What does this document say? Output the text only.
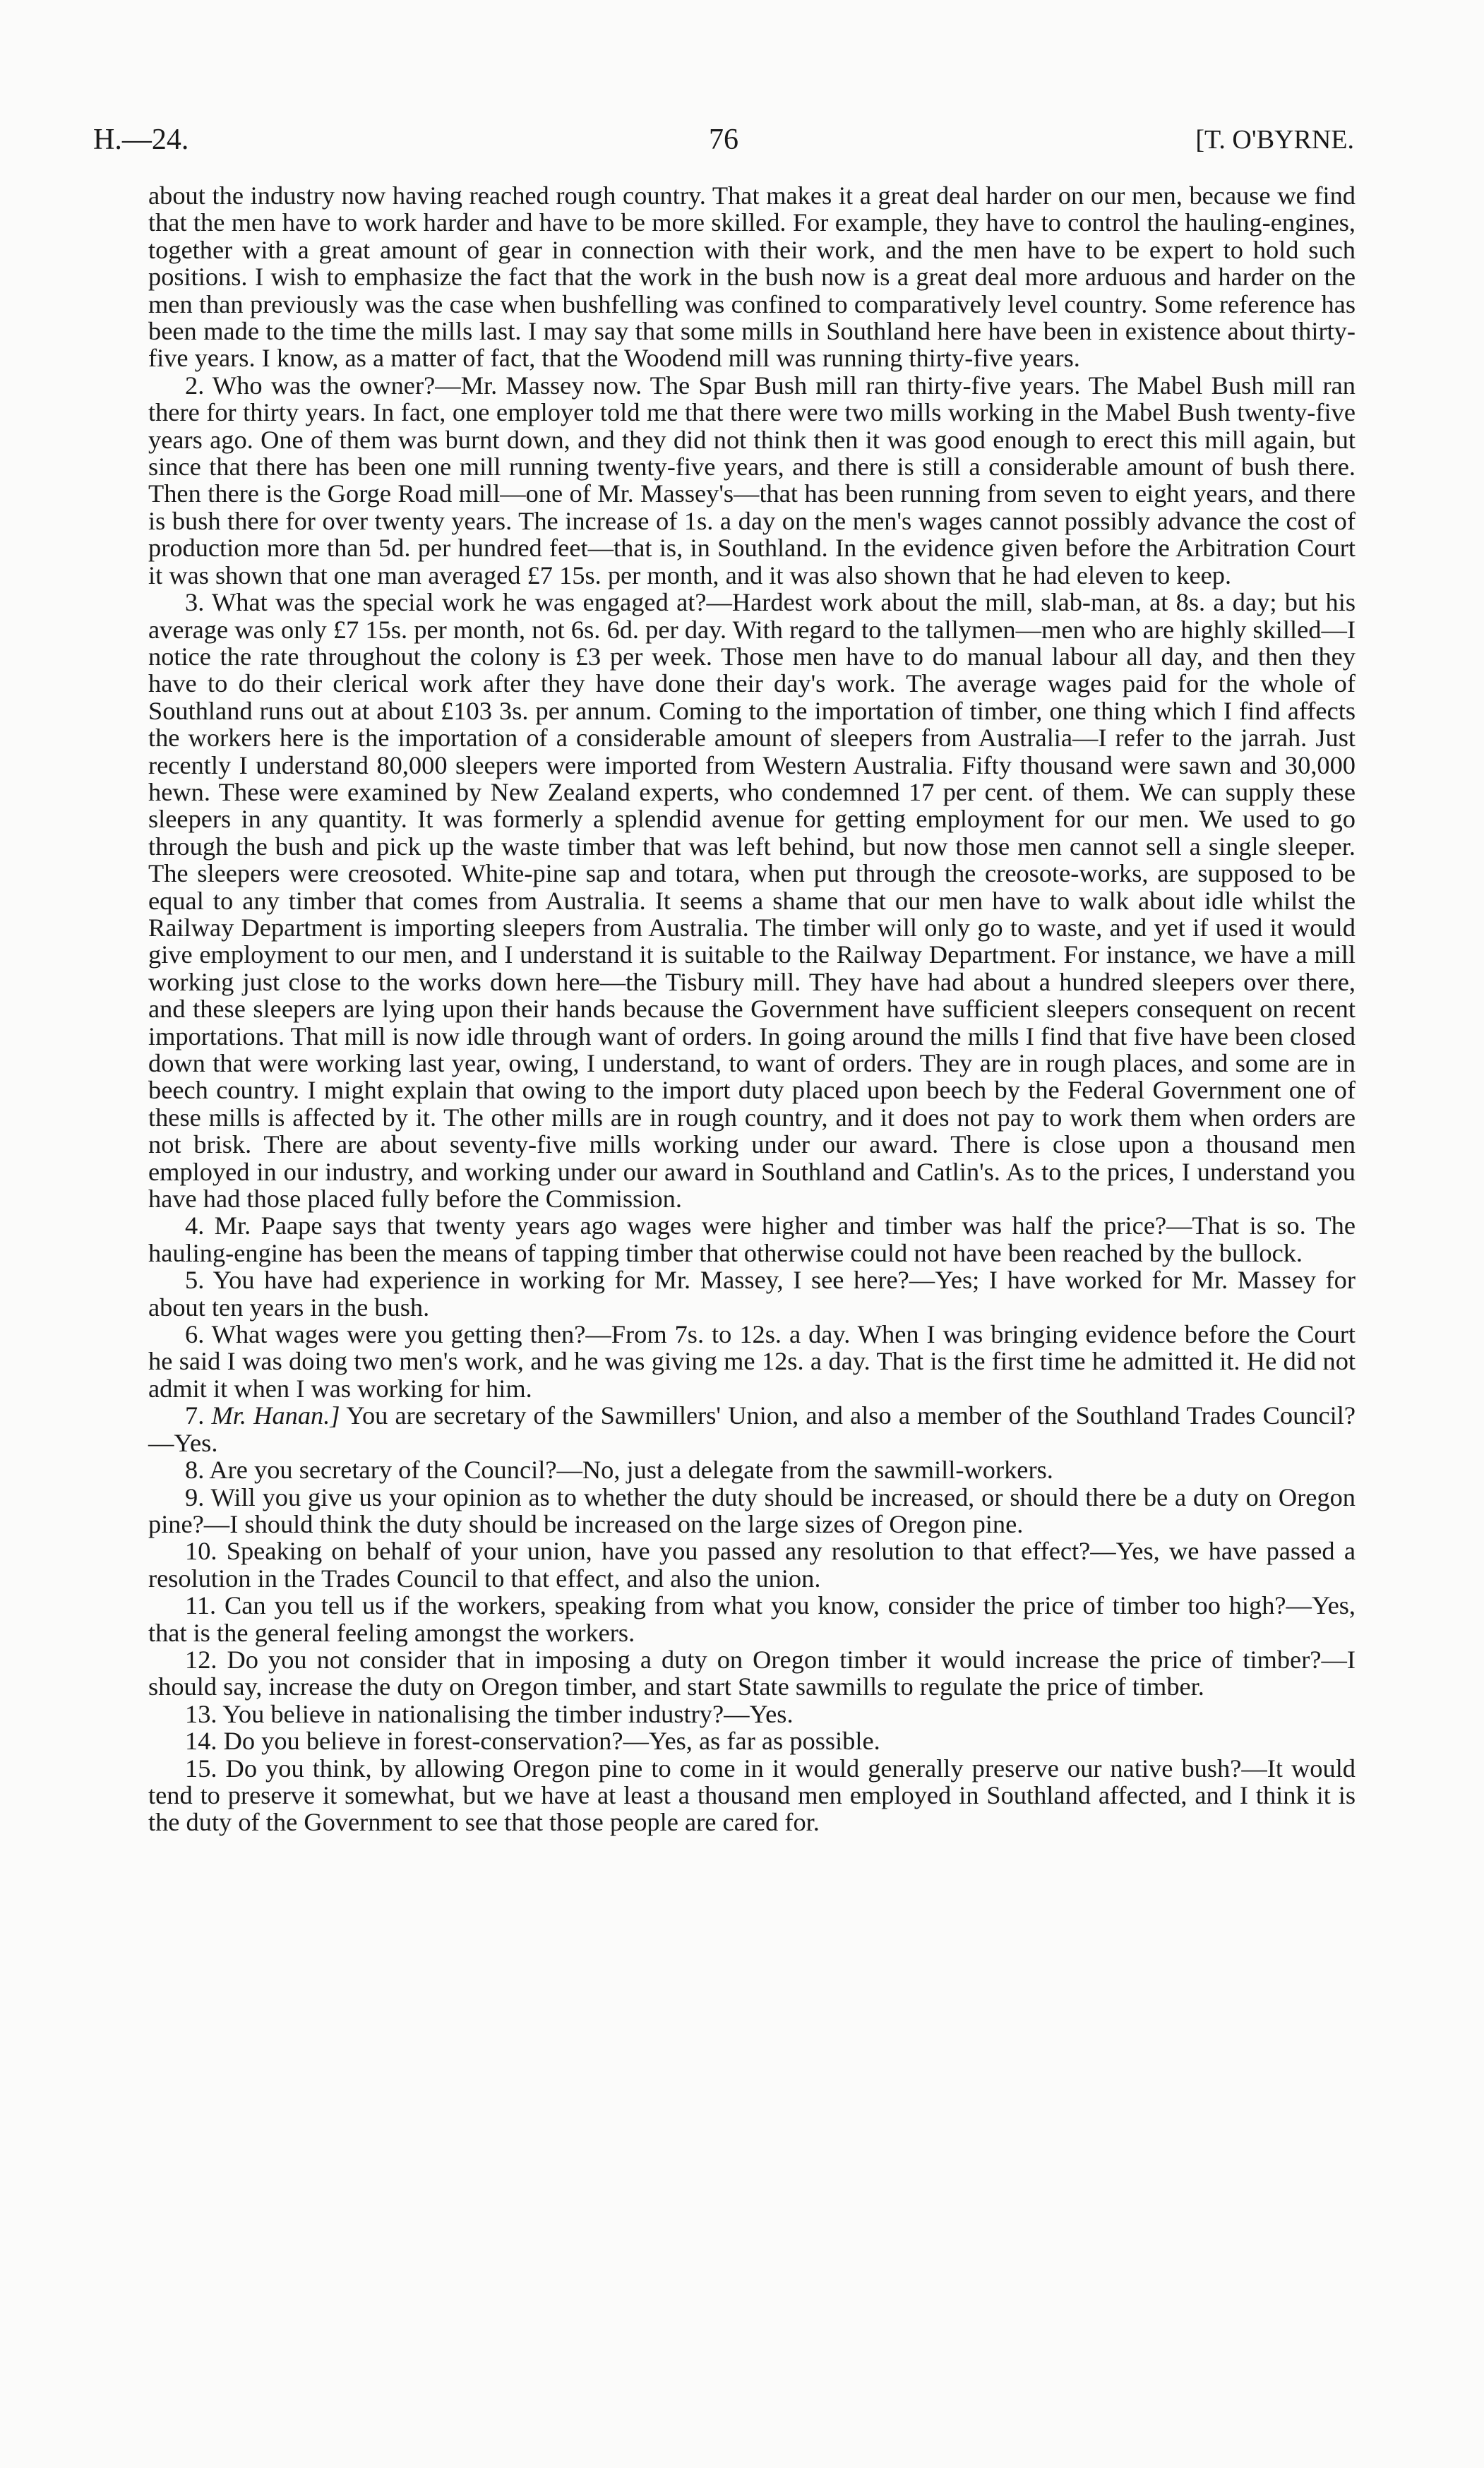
H.—24.	76	[T. O'BYRNE.

about the industry now having reached rough country. That makes it a great deal harder on our men, because we find that the men have to work harder and have to be more skilled. For example, they have to control the hauling-engines, together with a great amount of gear in connection with their work, and the men have to be expert to hold such positions. I wish to emphasize the fact that the work in the bush now is a great deal more arduous and harder on the men than previously was the case when bushfelling was confined to comparatively level country. Some reference has been made to the time the mills last. I may say that some mills in Southland here have been in existence about thirty-five years. I know, as a matter of fact, that the Woodend mill was running thirty-five years.

2. Who was the owner?—Mr. Massey now. The Spar Bush mill ran thirty-five years. The Mabel Bush mill ran there for thirty years. In fact, one employer told me that there were two mills working in the Mabel Bush twenty-five years ago. One of them was burnt down, and they did not think then it was good enough to erect this mill again, but since that there has been one mill running twenty-five years, and there is still a considerable amount of bush there. Then there is the Gorge Road mill—one of Mr. Massey's—that has been running from seven to eight years, and there is bush there for over twenty years. The increase of 1s. a day on the men's wages cannot possibly advance the cost of production more than 5d. per hundred feet—that is, in Southland. In the evidence given before the Arbitration Court it was shown that one man averaged £7 15s. per month, and it was also shown that he had eleven to keep.

3. What was the special work he was engaged at?—Hardest work about the mill, slab-man, at 8s. a day; but his average was only £7 15s. per month, not 6s. 6d. per day. With regard to the tallymen—men who are highly skilled—I notice the rate throughout the colony is £3 per week. Those men have to do manual labour all day, and then they have to do their clerical work after they have done their day's work. The average wages paid for the whole of Southland runs out at about £103 3s. per annum. Coming to the importation of timber, one thing which I find affects the workers here is the importation of a considerable amount of sleepers from Australia—I refer to the jarrah. Just recently I understand 80,000 sleepers were imported from Western Australia. Fifty thousand were sawn and 30,000 hewn. These were examined by New Zealand experts, who condemned 17 per cent. of them. We can supply these sleepers in any quantity. It was formerly a splendid avenue for getting employment for our men. We used to go through the bush and pick up the waste timber that was left behind, but now those men cannot sell a single sleeper. The sleepers were creosoted. White-pine sap and totara, when put through the creosote-works, are supposed to be equal to any timber that comes from Australia. It seems a shame that our men have to walk about idle whilst the Railway Department is importing sleepers from Australia. The timber will only go to waste, and yet if used it would give employment to our men, and I understand it is suitable to the Railway Department. For instance, we have a mill working just close to the works down here—the Tisbury mill. They have had about a hundred sleepers over there, and these sleepers are lying upon their hands because the Government have sufficient sleepers consequent on recent importations. That mill is now idle through want of orders. In going around the mills I find that five have been closed down that were working last year, owing, I understand, to want of orders. They are in rough places, and some are in beech country. I might explain that owing to the import duty placed upon beech by the Federal Government one of these mills is affected by it. The other mills are in rough country, and it does not pay to work them when orders are not brisk. There are about seventy-five mills working under our award. There is close upon a thousand men employed in our industry, and working under our award in Southland and Catlin's. As to the prices, I understand you have had those placed fully before the Commission.

4. Mr. Paape says that twenty years ago wages were higher and timber was half the price?—That is so. The hauling-engine has been the means of tapping timber that otherwise could not have been reached by the bullock.

5. You have had experience in working for Mr. Massey, I see here?—Yes; I have worked for Mr. Massey for about ten years in the bush.

6. What wages were you getting then?—From 7s. to 12s. a day. When I was bringing evidence before the Court he said I was doing two men's work, and he was giving me 12s. a day. That is the first time he admitted it. He did not admit it when I was working for him.

7. Mr. Hanan.] You are secretary of the Sawmillers' Union, and also a member of the Southland Trades Council?—Yes.

8. Are you secretary of the Council?—No, just a delegate from the sawmill-workers.

9. Will you give us your opinion as to whether the duty should be increased, or should there be a duty on Oregon pine?—I should think the duty should be increased on the large sizes of Oregon pine.

10. Speaking on behalf of your union, have you passed any resolution to that effect?—Yes, we have passed a resolution in the Trades Council to that effect, and also the union.

11. Can you tell us if the workers, speaking from what you know, consider the price of timber too high?—Yes, that is the general feeling amongst the workers.

12. Do you not consider that in imposing a duty on Oregon timber it would increase the price of timber?—I should say, increase the duty on Oregon timber, and start State sawmills to regulate the price of timber.

13. You believe in nationalising the timber industry?—Yes.

14. Do you believe in forest-conservation?—Yes, as far as possible.

15. Do you think, by allowing Oregon pine to come in it would generally preserve our native bush?—It would tend to preserve it somewhat, but we have at least a thousand men employed in Southland affected, and I think it is the duty of the Government to see that those people are cared for.
